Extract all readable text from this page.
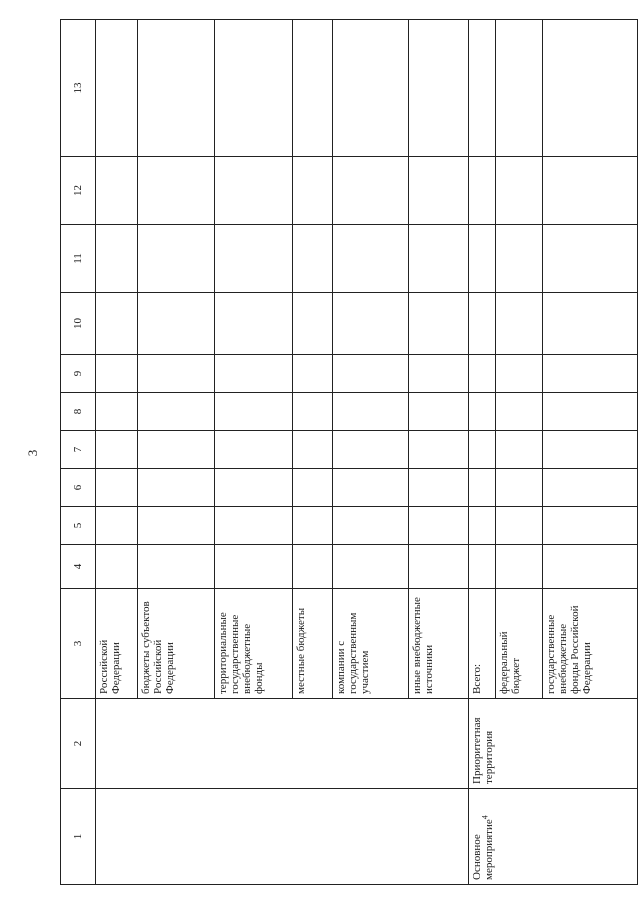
3
1	2	3	4	5	6	7	8	9	10	11	12	13
		Российской Федерации										
		бюджеты субъектов Российской Федерации										
		территориальные государственные внебюджетные фонды										
		местные бюджеты										
		компании с государственным участием										
		иные внебюджетные источники										
Основное мероприятие$^4$	Приоритетная территория	Всего:										
		федеральный бюджет										
		государственные внебюджетные фонды Российской Федерации										
